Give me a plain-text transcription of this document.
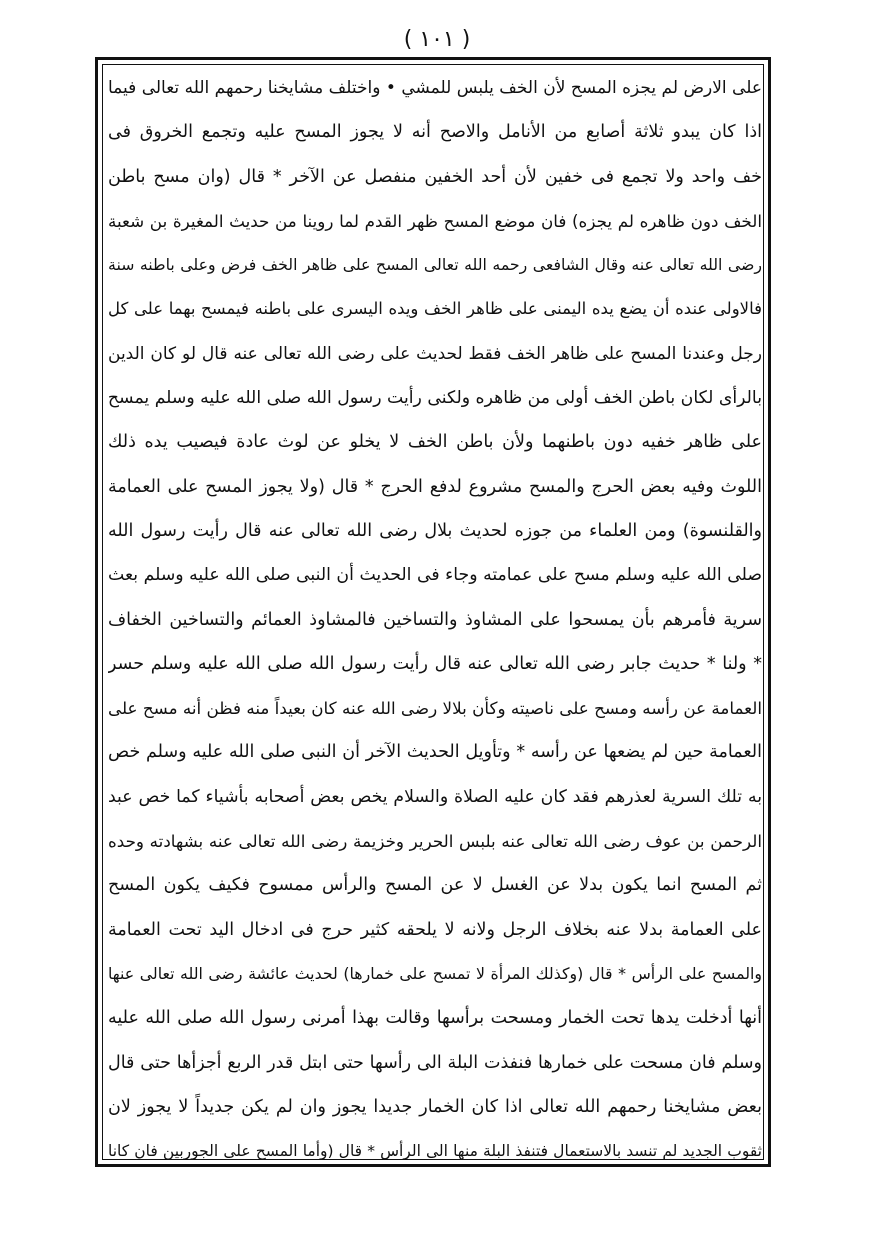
( ١٠١ )
على الارض لم يجزه المسح لأن الخف يلبس للمشي • واختلف مشايخنا رحمهم الله تعالى فيما
اذا كان يبدو ثلاثة أصابع من الأنامل والاصح أنه لا يجوز المسح عليه وتجمع الخروق فى
خف واحد ولا تجمع فى خفين لأن أحد الخفين منفصل عن الآخر * قال (وان مسح باطن
الخف دون ظاهره لم يجزه) فان موضع المسح ظهر القدم لما روينا من حديث المغيرة بن شعبة
رضى الله تعالى عنه وقال الشافعى رحمه الله تعالى المسح على ظاهر الخف فرض وعلى باطنه سنة
فالاولى عنده أن يضع يده اليمنى على ظاهر الخف ويده اليسرى على باطنه فيمسح بهما على كل
رجل وعندنا المسح على ظاهر الخف فقط لحديث على رضى الله تعالى عنه قال لو كان الدين
بالرأى لكان باطن الخف أولى من ظاهره ولكنى رأيت رسول الله صلى الله عليه وسلم يمسح
على ظاهر خفيه دون باطنهما ولأن باطن الخف لا يخلو عن لوث عادة فيصيب يده ذلك
اللوث وفيه بعض الحرج والمسح مشروع لدفع الحرج * قال (ولا يجوز المسح على العمامة
والقلنسوة) ومن العلماء من جوزه لحديث بلال رضى الله تعالى عنه قال رأيت رسول الله
صلى الله عليه وسلم مسح على عمامته وجاء فى الحديث أن النبى صلى الله عليه وسلم بعث
سرية فأمرهم بأن يمسحوا على المشاوذ والتساخين فالمشاوذ العمائم والتساخين الخفاف
* ولنا * حديث جابر رضى الله تعالى عنه قال رأيت رسول الله صلى الله عليه وسلم حسر
العمامة عن رأسه ومسح على ناصيته وكأن بلالا رضى الله عنه كان بعيداً منه فظن أنه مسح على
العمامة حين لم يضعها عن رأسه * وتأويل الحديث الآخر أن النبى صلى الله عليه وسلم خص
به تلك السرية لعذرهم فقد كان عليه الصلاة والسلام يخص بعض أصحابه بأشياء كما خص عبد
الرحمن بن عوف رضى الله تعالى عنه بلبس الحرير وخزيمة رضى الله تعالى عنه بشهادته وحده
ثم المسح انما يكون بدلا عن الغسل لا عن المسح والرأس ممسوح فكيف يكون المسح
على العمامة بدلا عنه بخلاف الرجل ولانه لا يلحقه كثير حرج فى ادخال اليد تحت العمامة
والمسح على الرأس * قال (وكذلك المرأة لا تمسح على خمارها) لحديث عائشة رضى الله تعالى عنها
أنها أدخلت يدها تحت الخمار ومسحت برأسها وقالت بهذا أمرنى رسول الله صلى الله عليه
وسلم فان مسحت على خمارها فنفذت البلة الى رأسها حتى ابتل قدر الربع أجزأها حتى قال
بعض مشايخنا رحمهم الله تعالى اذا كان الخمار جديدا يجوز وان لم يكن جديداً لا يجوز لان
ثقوب الجديد لم تنسد بالاستعمال فتنفذ البلة منها الى الرأس * قال (وأما المسح على الجوربين فان كانا
